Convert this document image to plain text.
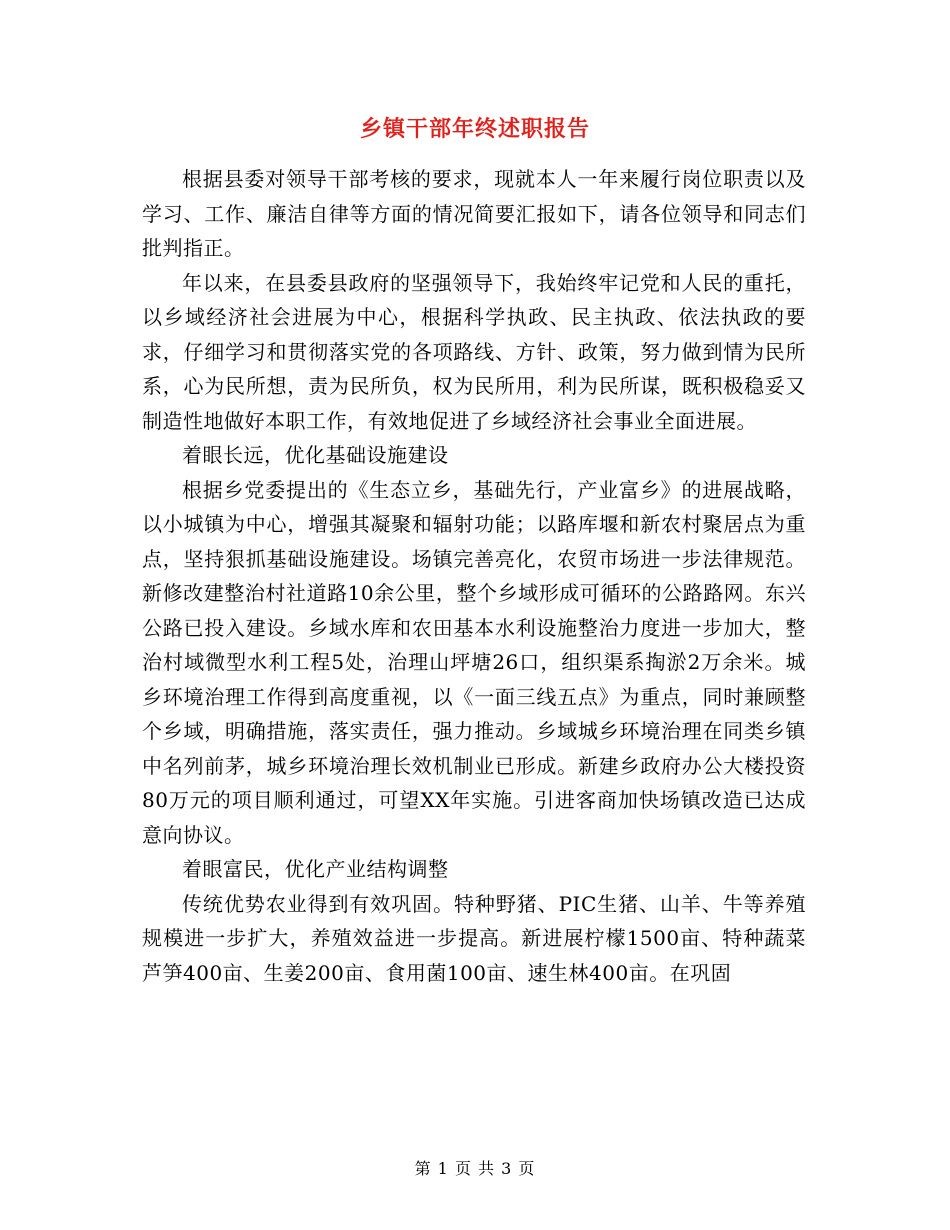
乡镇干部年终述职报告

根据县委对领导干部考核的要求，现就本人一年来履行岗位职责以及学习、工作、廉洁自律等方面的情况简要汇报如下，请各位领导和同志们批判指正。

年以来，在县委县政府的坚强领导下，我始终牢记党和人民的重托，以乡域经济社会进展为中心，根据科学执政、民主执政、依法执政的要求，仔细学习和贯彻落实党的各项路线、方针、政策，努力做到情为民所系，心为民所想，责为民所负，权为民所用，利为民所谋，既积极稳妥又制造性地做好本职工作，有效地促进了乡域经济社会事业全面进展。

着眼长远，优化基础设施建设

根据乡党委提出的《生态立乡，基础先行，产业富乡》的进展战略，以小城镇为中心，增强其凝聚和辐射功能；以路库堰和新农村聚居点为重点，坚持狠抓基础设施建设。场镇完善亮化，农贸市场进一步法律规范。新修改建整治村社道路10余公里，整个乡域形成可循环的公路路网。东兴公路已投入建设。乡域水库和农田基本水利设施整治力度进一步加大，整治村域微型水利工程5处，治理山坪塘26口，组织渠系掏淤2万余米。城乡环境治理工作得到高度重视，以《一面三线五点》为重点，同时兼顾整个乡域，明确措施，落实责任，强力推动。乡域城乡环境治理在同类乡镇中名列前茅，城乡环境治理长效机制业已形成。新建乡政府办公大楼投资80万元的项目顺利通过，可望XX年实施。引进客商加快场镇改造已达成意向协议。

着眼富民，优化产业结构调整

传统优势农业得到有效巩固。特种野猪、PIC生猪、山羊、牛等养殖规模进一步扩大，养殖效益进一步提高。新进展柠檬1500亩、特种蔬菜芦笋400亩、生姜200亩、食用菌100亩、速生林400亩。在巩固

第 1 页 共 3 页
